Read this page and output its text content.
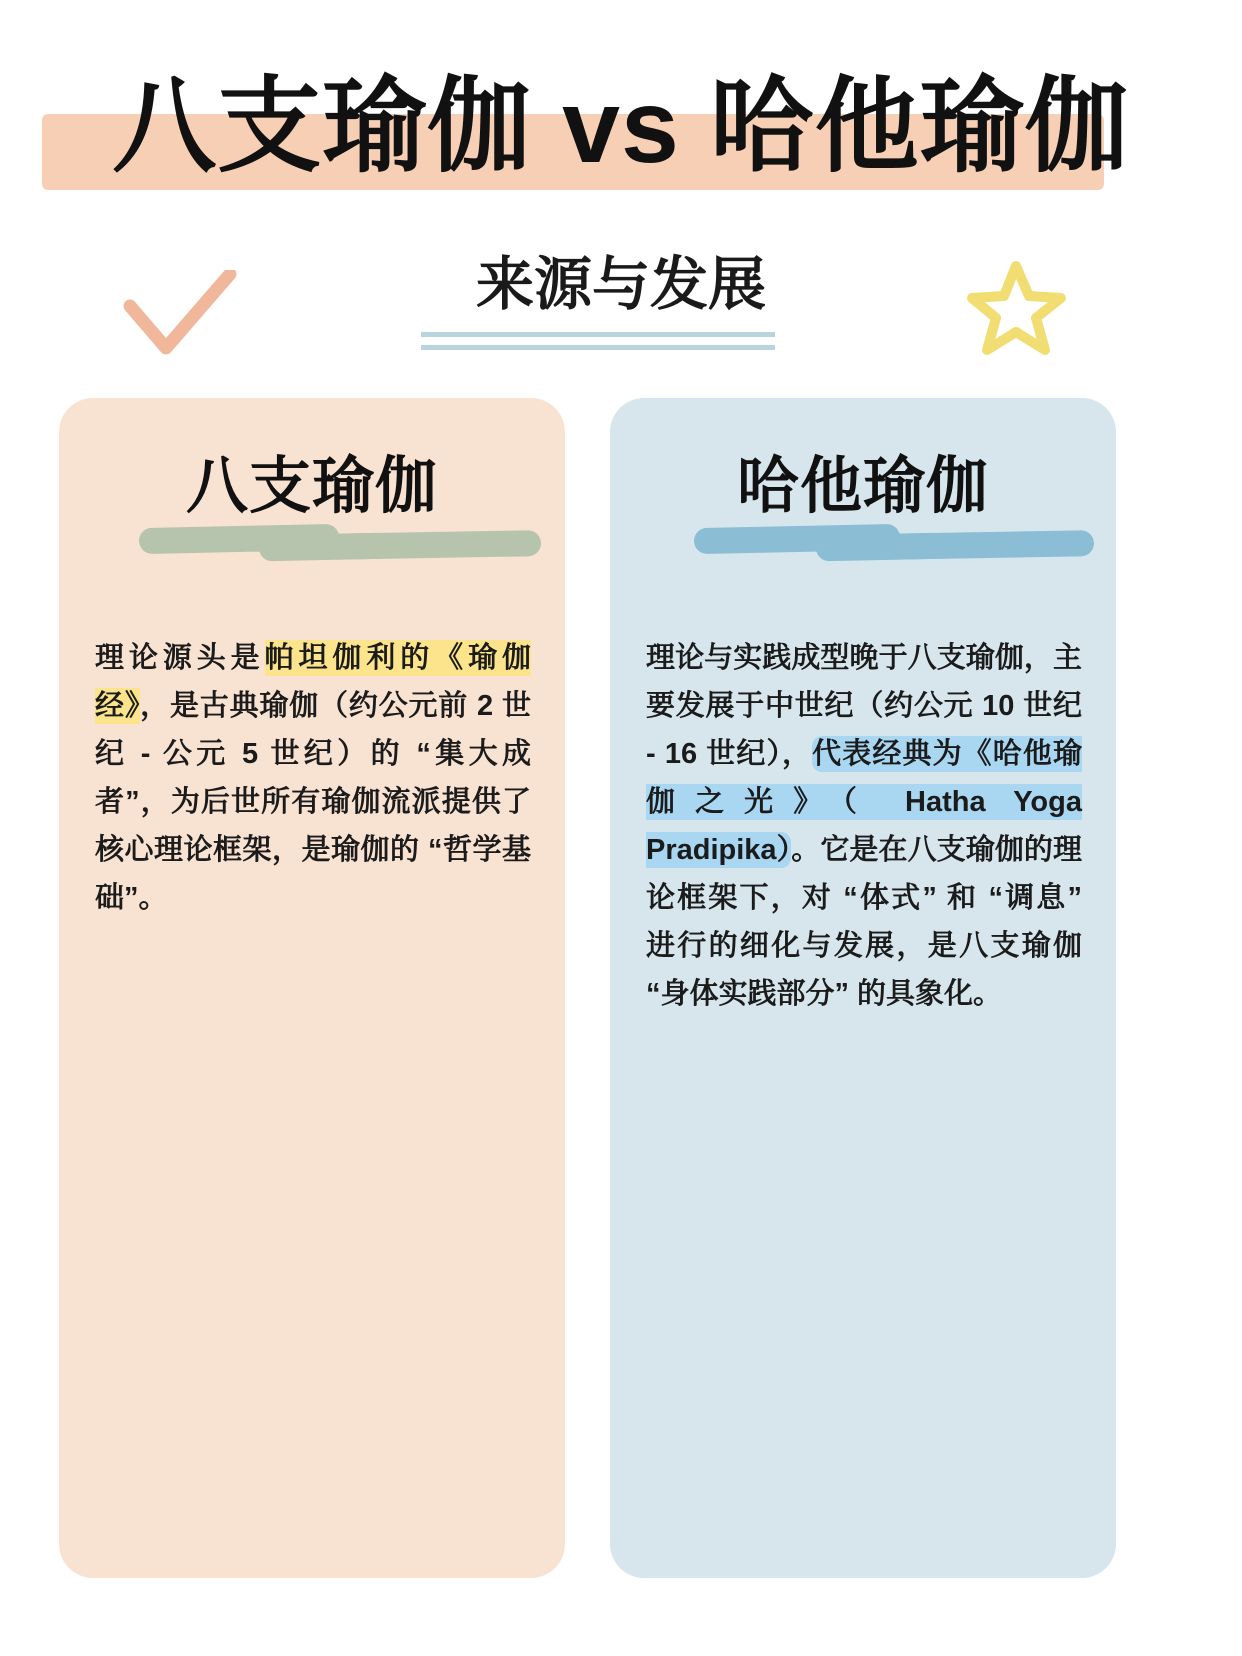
八支瑜伽 vs 哈他瑜伽
来源与发展
八支瑜伽
理论源头是帕坦伽利的《瑜伽经》，是古典瑜伽（约公元前 2 世纪 - 公元 5 世纪）的 “集大成者”，为后世所有瑜伽流派提供了核心理论框架，是瑜伽的 “哲学基础”。
哈他瑜伽
理论与实践成型晚于八支瑜伽，主要发展于中世纪（约公元 10 世纪 - 16 世纪），代表经典为《哈他瑜伽之光》（ Hatha Yoga Pradipika）。它是在八支瑜伽的理论框架下，对 “体式” 和 “调息” 进行的细化与发展，是八支瑜伽 “身体实践部分” 的具象化。
